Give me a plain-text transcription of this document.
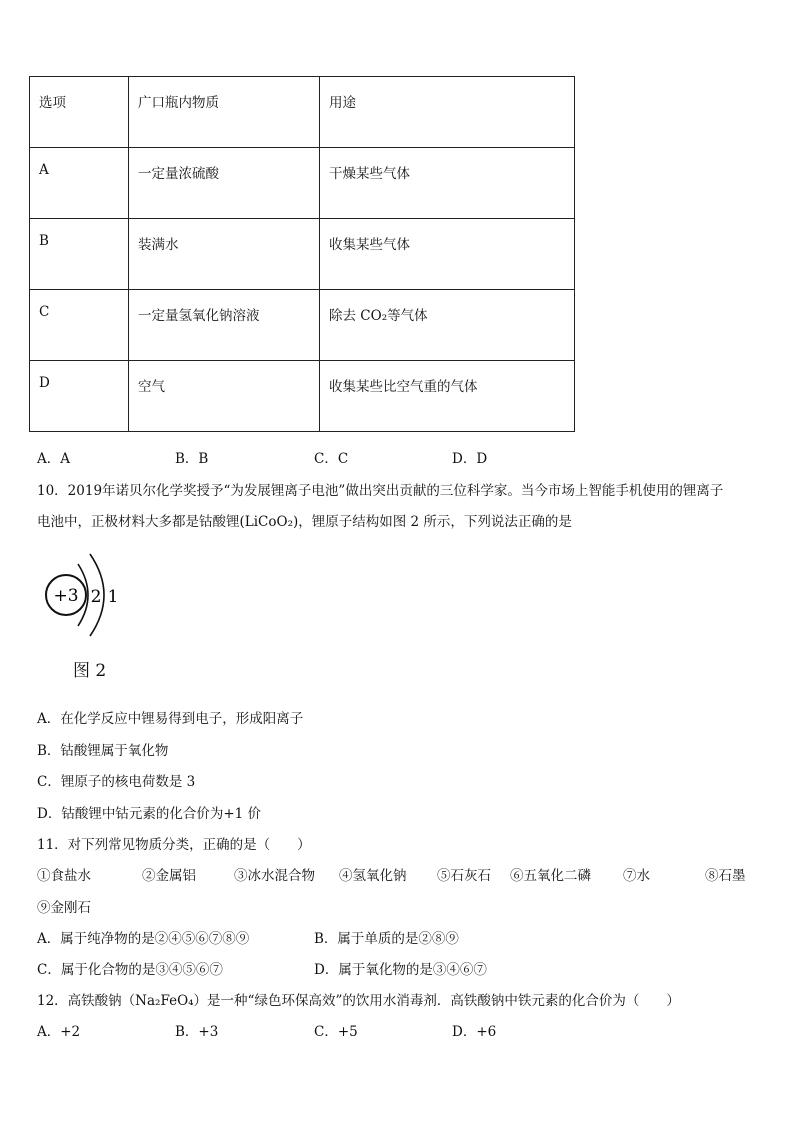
选项	广口瓶内物质	用途
A	一定量浓硫酸	干燥某些气体
B	装满水	收集某些气体
C	一定量氢氧化钠溶液	除去 CO₂等气体
D	空气	收集某些比空气重的气体
A．A	B．B	C．C	D．D
10．2019年诺贝尔化学奖授予“为发展锂离子电池”做出突出贡献的三位科学家。当今市场上智能手机使用的锂离子
电池中，正极材料大多都是钴酸锂(LiCoO₂)，锂原子结构如图 2 所示，下列说法正确的是
+3 2 1
图 2
A．在化学反应中锂易得到电子，形成阳离子
B．钴酸锂属于氧化物
C．锂原子的核电荷数是 3
D．钴酸锂中钴元素的化合价为+1 价
11．对下列常见物质分类，正确的是（　　）
①食盐水	②金属铝	③冰水混合物 ④氢氧化钠 ⑤石灰石 ⑥五氧化二磷 ⑦水	⑧石墨
⑨金刚石
A．属于纯净物的是②④⑤⑥⑦⑧⑨	B．属于单质的是②⑧⑨
C．属于化合物的是③④⑤⑥⑦	D．属于氧化物的是③④⑥⑦
12．高铁酸钠（Na₂FeO₄）是一种“绿色环保高效”的饮用水消毒剂．高铁酸钠中铁元素的化合价为（　　）
A．+2	B．+3	C．+5	D．+6
